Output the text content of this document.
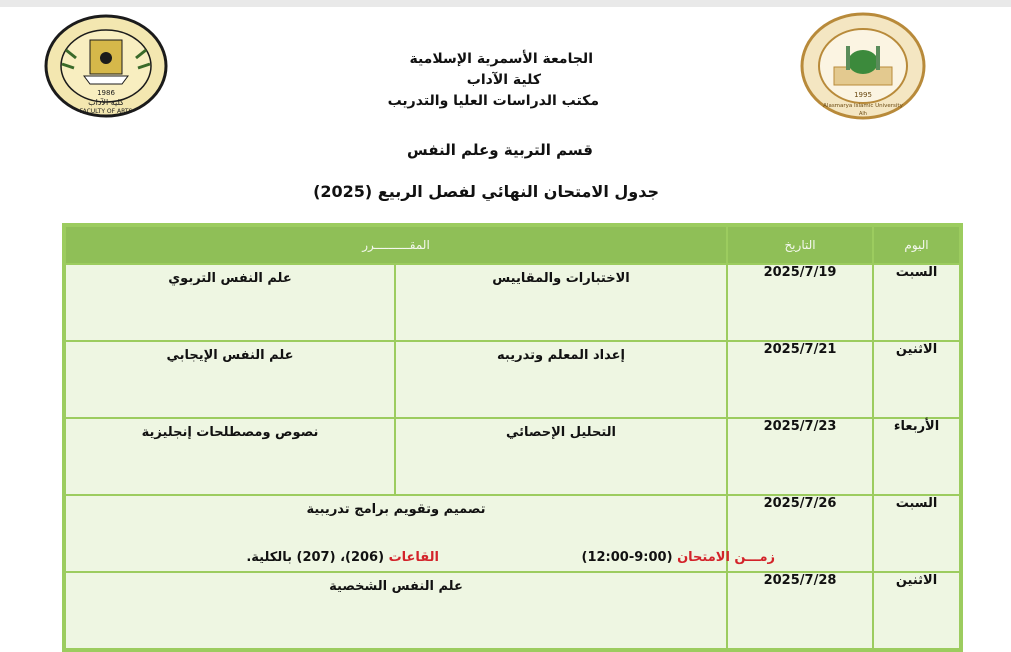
1986
كلية الآداب
FACULTY OF ARTS
1995
Alasmarya Islamic University
Alh
الجامعة الأسمرية الإسلامية
كلية الآداب
مكتب الدراسات العليا والتدريب
قسم التربية وعلم النفس
جدول الامتحان النهائي لفصل الربيع (2025)
المقــــــــــرر		التاريخ	اليوم
علم النفس التربوي	الاختبارات والمقاييس	2025/7/19	السبت
علم النفس الإيجابي	إعداد المعلم وتدريبه	2025/7/21	الاثنين
نصوص ومصطلحات إنجليزية	التحليل الإحصائي	2025/7/23	الأربعاء
تصميم وتقويم برامج تدريبية		2025/7/26	السبت
علم النفس الشخصية		2025/7/28	الاثنين
زمـــن الامتحان (9:00-12:00)
القاعات (206)، (207) بالكلية.
